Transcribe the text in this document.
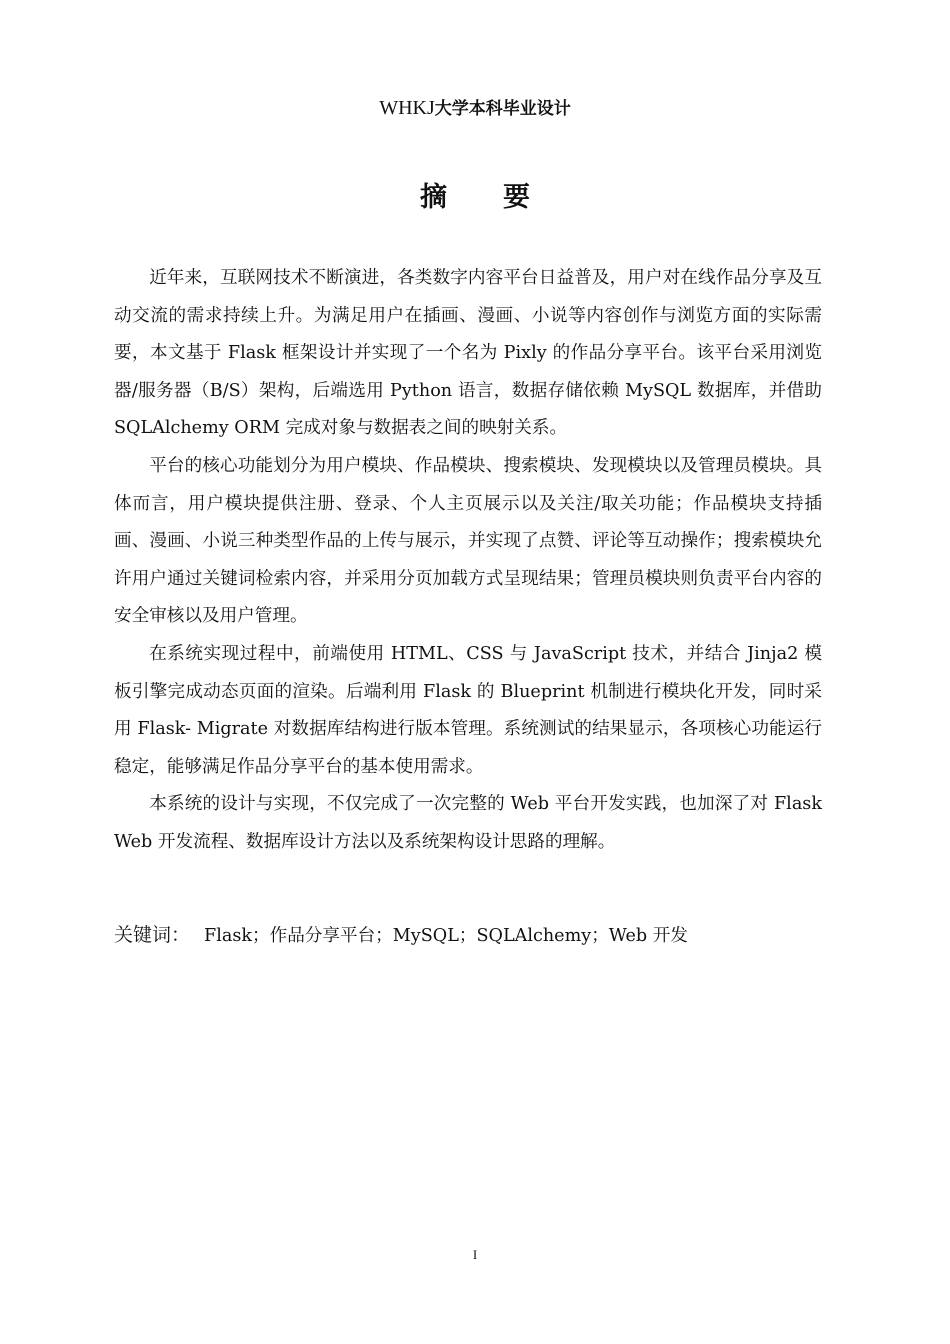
WHKJ大学本科毕业设计
摘要

近年来，互联网技术不断演进，各类数字内容平台日益普及，用户对在线作品分享及互动交流的需求持续上升。为满足用户在插画、漫画、小说等内容创作与浏览方面的实际需要，本文基于 Flask 框架设计并实现了一个名为 Pixly 的作品分享平台。该平台采用浏览器/服务器（B/S）架构，后端选用 Python 语言，数据存储依赖 MySQL 数据库，并借助 SQLAlchemy ORM 完成对象与数据表之间的映射关系。

平台的核心功能划分为用户模块、作品模块、搜索模块、发现模块以及管理员模块。具体而言，用户模块提供注册、登录、个人主页展示以及关注/取关功能；作品模块支持插画、漫画、小说三种类型作品的上传与展示，并实现了点赞、评论等互动操作；搜索模块允许用户通过关键词检索内容，并采用分页加载方式呈现结果；管理员模块则负责平台内容的安全审核以及用户管理。

在系统实现过程中，前端使用 HTML、CSS 与 JavaScript 技术，并结合 Jinja2 模板引擎完成动态页面的渲染。后端利用 Flask 的 Blueprint 机制进行模块化开发，同时采用 Flask- Migrate 对数据库结构进行版本管理。系统测试的结果显示，各项核心功能运行稳定，能够满足作品分享平台的基本使用需求。

本系统的设计与实现，不仅完成了一次完整的 Web 平台开发实践，也加深了对 Flask Web 开发流程、数据库设计方法以及系统架构设计思路的理解。

关键词： Flask；作品分享平台；MySQL；SQLAlchemy；Web 开发
I
